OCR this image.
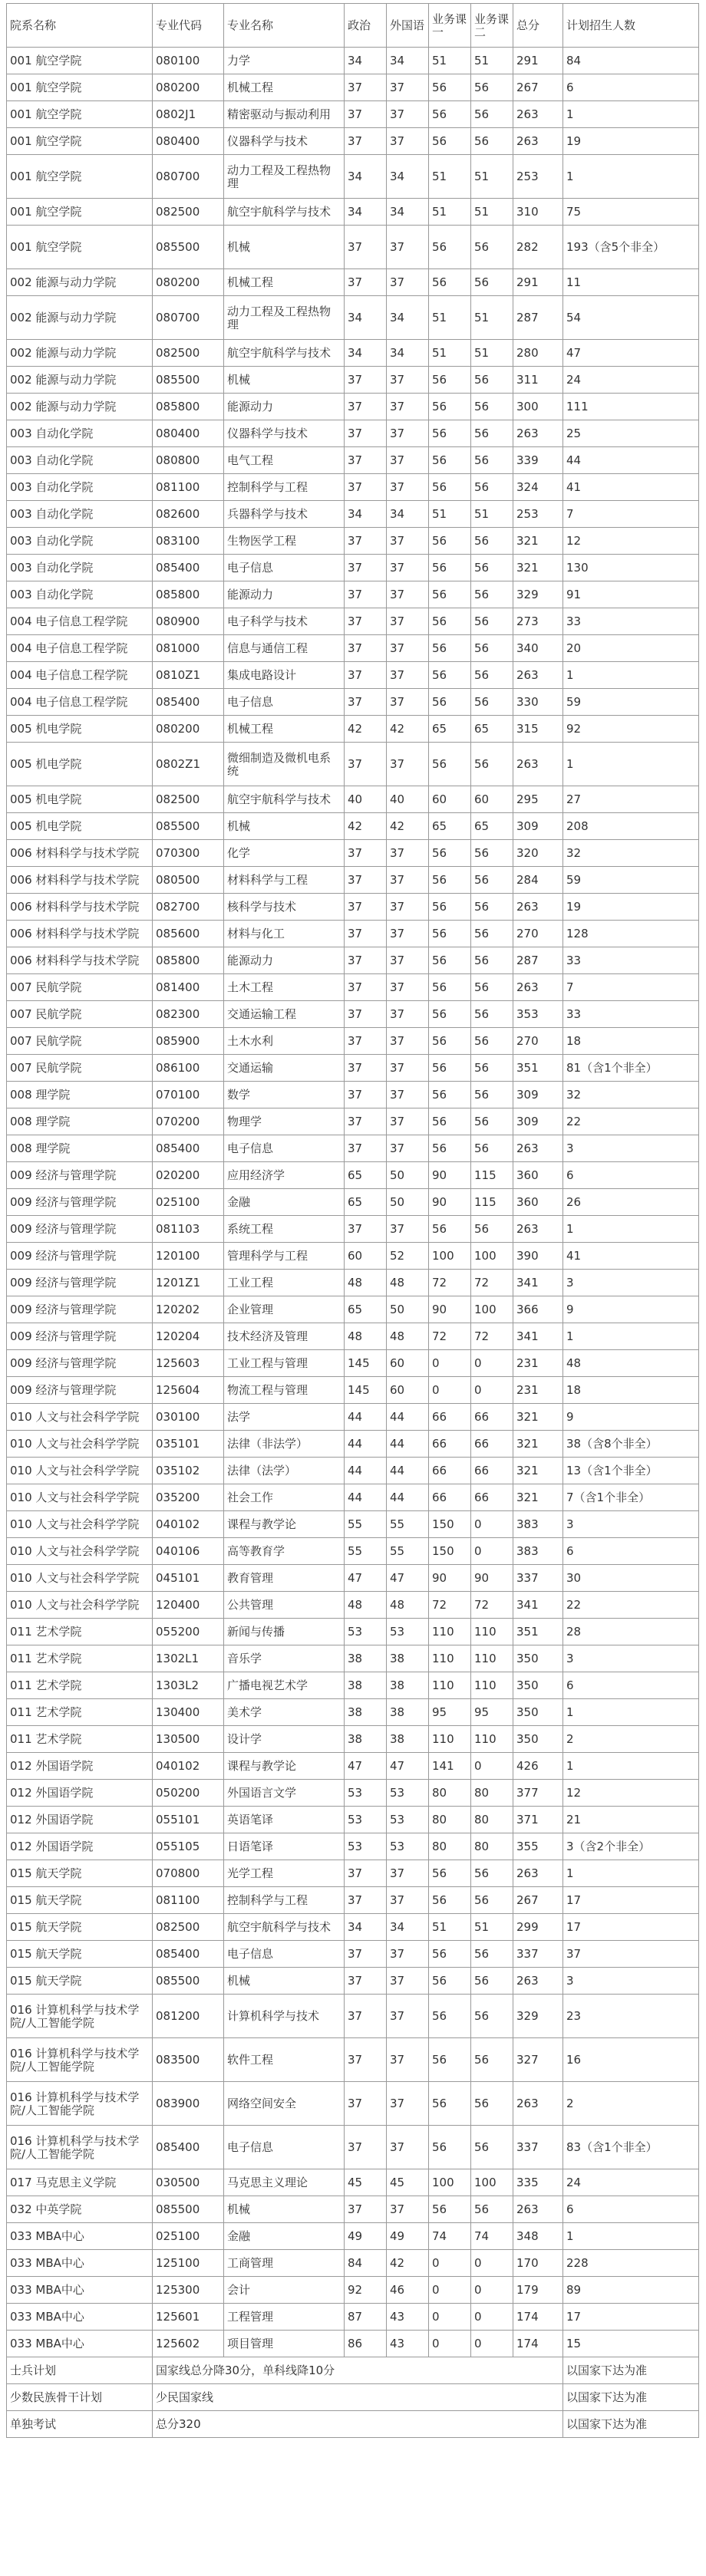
院系名称	专业代码	专业名称	政治	外国语	业务课一	业务课二	总分	计划招生人数
001 航空学院	080100	力学	34	34	51	51	291	84
001 航空学院	080200	机械工程	37	37	56	56	267	6
001 航空学院	0802J1	精密驱动与振动利用	37	37	56	56	263	1
001 航空学院	080400	仪器科学与技术	37	37	56	56	263	19
001 航空学院	080700	动力工程及工程热物理	34	34	51	51	253	1
001 航空学院	082500	航空宇航科学与技术	34	34	51	51	310	75
001 航空学院	085500	机械	37	37	56	56	282	193（含5个非全）
002 能源与动力学院	080200	机械工程	37	37	56	56	291	11
002 能源与动力学院	080700	动力工程及工程热物理	34	34	51	51	287	54
002 能源与动力学院	082500	航空宇航科学与技术	34	34	51	51	280	47
002 能源与动力学院	085500	机械	37	37	56	56	311	24
002 能源与动力学院	085800	能源动力	37	37	56	56	300	111
003 自动化学院	080400	仪器科学与技术	37	37	56	56	263	25
003 自动化学院	080800	电气工程	37	37	56	56	339	44
003 自动化学院	081100	控制科学与工程	37	37	56	56	324	41
003 自动化学院	082600	兵器科学与技术	34	34	51	51	253	7
003 自动化学院	083100	生物医学工程	37	37	56	56	321	12
003 自动化学院	085400	电子信息	37	37	56	56	321	130
003 自动化学院	085800	能源动力	37	37	56	56	329	91
004 电子信息工程学院	080900	电子科学与技术	37	37	56	56	273	33
004 电子信息工程学院	081000	信息与通信工程	37	37	56	56	340	20
004 电子信息工程学院	0810Z1	集成电路设计	37	37	56	56	263	1
004 电子信息工程学院	085400	电子信息	37	37	56	56	330	59
005 机电学院	080200	机械工程	42	42	65	65	315	92
005 机电学院	0802Z1	微细制造及微机电系统	37	37	56	56	263	1
005 机电学院	082500	航空宇航科学与技术	40	40	60	60	295	27
005 机电学院	085500	机械	42	42	65	65	309	208
006 材料科学与技术学院	070300	化学	37	37	56	56	320	32
006 材料科学与技术学院	080500	材料科学与工程	37	37	56	56	284	59
006 材料科学与技术学院	082700	核科学与技术	37	37	56	56	263	19
006 材料科学与技术学院	085600	材料与化工	37	37	56	56	270	128
006 材料科学与技术学院	085800	能源动力	37	37	56	56	287	33
007 民航学院	081400	土木工程	37	37	56	56	263	7
007 民航学院	082300	交通运输工程	37	37	56	56	353	33
007 民航学院	085900	土木水利	37	37	56	56	270	18
007 民航学院	086100	交通运输	37	37	56	56	351	81（含1个非全）
008 理学院	070100	数学	37	37	56	56	309	32
008 理学院	070200	物理学	37	37	56	56	309	22
008 理学院	085400	电子信息	37	37	56	56	263	3
009 经济与管理学院	020200	应用经济学	65	50	90	115	360	6
009 经济与管理学院	025100	金融	65	50	90	115	360	26
009 经济与管理学院	081103	系统工程	37	37	56	56	263	1
009 经济与管理学院	120100	管理科学与工程	60	52	100	100	390	41
009 经济与管理学院	1201Z1	工业工程	48	48	72	72	341	3
009 经济与管理学院	120202	企业管理	65	50	90	100	366	9
009 经济与管理学院	120204	技术经济及管理	48	48	72	72	341	1
009 经济与管理学院	125603	工业工程与管理	145	60	0	0	231	48
009 经济与管理学院	125604	物流工程与管理	145	60	0	0	231	18
010 人文与社会科学学院	030100	法学	44	44	66	66	321	9
010 人文与社会科学学院	035101	法律（非法学）	44	44	66	66	321	38（含8个非全）
010 人文与社会科学学院	035102	法律（法学）	44	44	66	66	321	13（含1个非全）
010 人文与社会科学学院	035200	社会工作	44	44	66	66	321	7（含1个非全）
010 人文与社会科学学院	040102	课程与教学论	55	55	150	0	383	3
010 人文与社会科学学院	040106	高等教育学	55	55	150	0	383	6
010 人文与社会科学学院	045101	教育管理	47	47	90	90	337	30
010 人文与社会科学学院	120400	公共管理	48	48	72	72	341	22
011 艺术学院	055200	新闻与传播	53	53	110	110	351	28
011 艺术学院	1302L1	音乐学	38	38	110	110	350	3
011 艺术学院	1303L2	广播电视艺术学	38	38	110	110	350	6
011 艺术学院	130400	美术学	38	38	95	95	350	1
011 艺术学院	130500	设计学	38	38	110	110	350	2
012 外国语学院	040102	课程与教学论	47	47	141	0	426	1
012 外国语学院	050200	外国语言文学	53	53	80	80	377	12
012 外国语学院	055101	英语笔译	53	53	80	80	371	21
012 外国语学院	055105	日语笔译	53	53	80	80	355	3（含2个非全）
015 航天学院	070800	光学工程	37	37	56	56	263	1
015 航天学院	081100	控制科学与工程	37	37	56	56	267	17
015 航天学院	082500	航空宇航科学与技术	34	34	51	51	299	17
015 航天学院	085400	电子信息	37	37	56	56	337	37
015 航天学院	085500	机械	37	37	56	56	263	3
016 计算机科学与技术学院/人工智能学院	081200	计算机科学与技术	37	37	56	56	329	23
016 计算机科学与技术学院/人工智能学院	083500	软件工程	37	37	56	56	327	16
016 计算机科学与技术学院/人工智能学院	083900	网络空间安全	37	37	56	56	263	2
016 计算机科学与技术学院/人工智能学院	085400	电子信息	37	37	56	56	337	83（含1个非全）
017 马克思主义学院	030500	马克思主义理论	45	45	100	100	335	24
032 中英学院	085500	机械	37	37	56	56	263	6
033 MBA中心	025100	金融	49	49	74	74	348	1
033 MBA中心	125100	工商管理	84	42	0	0	170	228
033 MBA中心	125300	会计	92	46	0	0	179	89
033 MBA中心	125601	工程管理	87	43	0	0	174	17
033 MBA中心	125602	项目管理	86	43	0	0	174	15
士兵计划	国家线总分降30分，单科线降10分							以国家下达为准
少数民族骨干计划	少民国家线							以国家下达为准
单独考试	总分320							以国家下达为准
